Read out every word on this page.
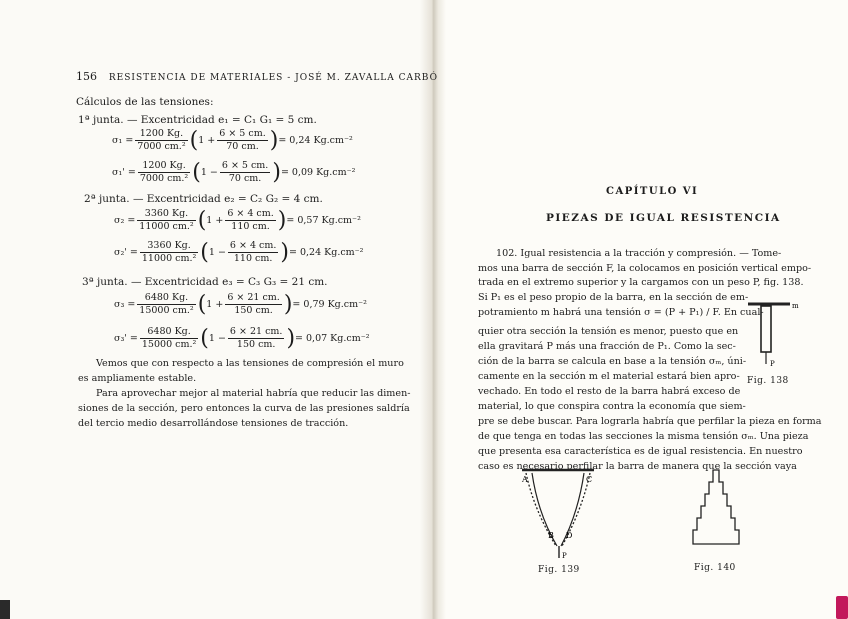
156 RESISTENCIA DE MATERIALES - JOSÉ M. ZAVALLA CARBÓ
Cálculos de las tensiones:
1ª junta. — Excentricidad e₁ = C₁ G₁ = 5 cm.
$\sigma_1 = \frac{1200 Kg.}{\text{7000 cm.²}}$ ( $1 + \frac{6 \times 5 cm.}{70 cm.}$ ) = 0,24 Kg.cm⁻²
$\sigma_1' = \frac{1200 Kg.}{\text{7000 cm.²}}$ ( $1 - \frac{6 \times 5 cm.}{70 cm.}$ ) = 0,09 Kg.cm⁻²
2ª junta. — Excentricidad e₂ = C₂ G₂ = 4 cm.
$\sigma_2 = \frac{3360 Kg.}{\text{11000 cm.²}}$ ( $1 + \frac{6 \times 4 cm.}{110 cm.}$ ) = 0,57 Kg.cm⁻²
$\sigma_2' = \frac{3360 Kg.}{\text{11000 cm.²}}$ ( $1 - \frac{6 \times 4 cm.}{110 cm.}$ ) = 0,24 Kg.cm⁻²
3ª junta. — Excentricidad e₃ = C₃ G₃ = 21 cm.
$\sigma_3 = \frac{6480 Kg.}{\text{15000 cm.²}}$ ( $1 + \frac{6 \times 21 cm.}{150 cm.}$ ) = 0,79 Kg.cm⁻²
$\sigma_3' = \frac{6480 Kg.}{\text{15000 cm.²}}$ ( $1 - \frac{6 \times 21 cm.}{150 cm.}$ ) = 0,07 Kg.cm⁻²
Vemos que con respecto a las tensiones de compresión el muro
es ampliamente estable.
Para aprovechar mejor al material habría que reducir las dimen-
siones de la sección, pero entonces la curva de las presiones saldría
del tercio medio desarrollándose tensiones de tracción.
CAPÍTULO VI
PIEZAS DE IGUAL RESISTENCIA
102. Igual resistencia a la tracción y compresión. — Tome-
mos una barra de sección F, la colocamos en posición vertical empo-
trada en el extremo superior y la cargamos con un peso P, fig. 138.
Si P₁ es el peso propio de la barra, en la sección de em-
potramiento m habrá una tensión σ = (P + P₁) / F. En cual-
quier otra sección la tensión es menor, puesto que en
ella gravitará P más una fracción de P₁. Como la sec-
ción de la barra se calcula en base a la tensión σₘ, úni-
camente en la sección m el material estará bien apro-
vechado. En todo el resto de la barra habrá exceso de
material, lo que conspira contra la economía que siem-
pre se debe buscar. Para lograrla habría que perfilar la pieza en forma
de que tenga en todas las secciones la misma tensión σₘ. Una pieza
que presenta esa característica es de igual resistencia. En nuestro
caso es necesario perfilar la barra de manera que la sección vaya
m
P
Fig. 138
A	C
B D
P
Fig. 139	Fig. 140
